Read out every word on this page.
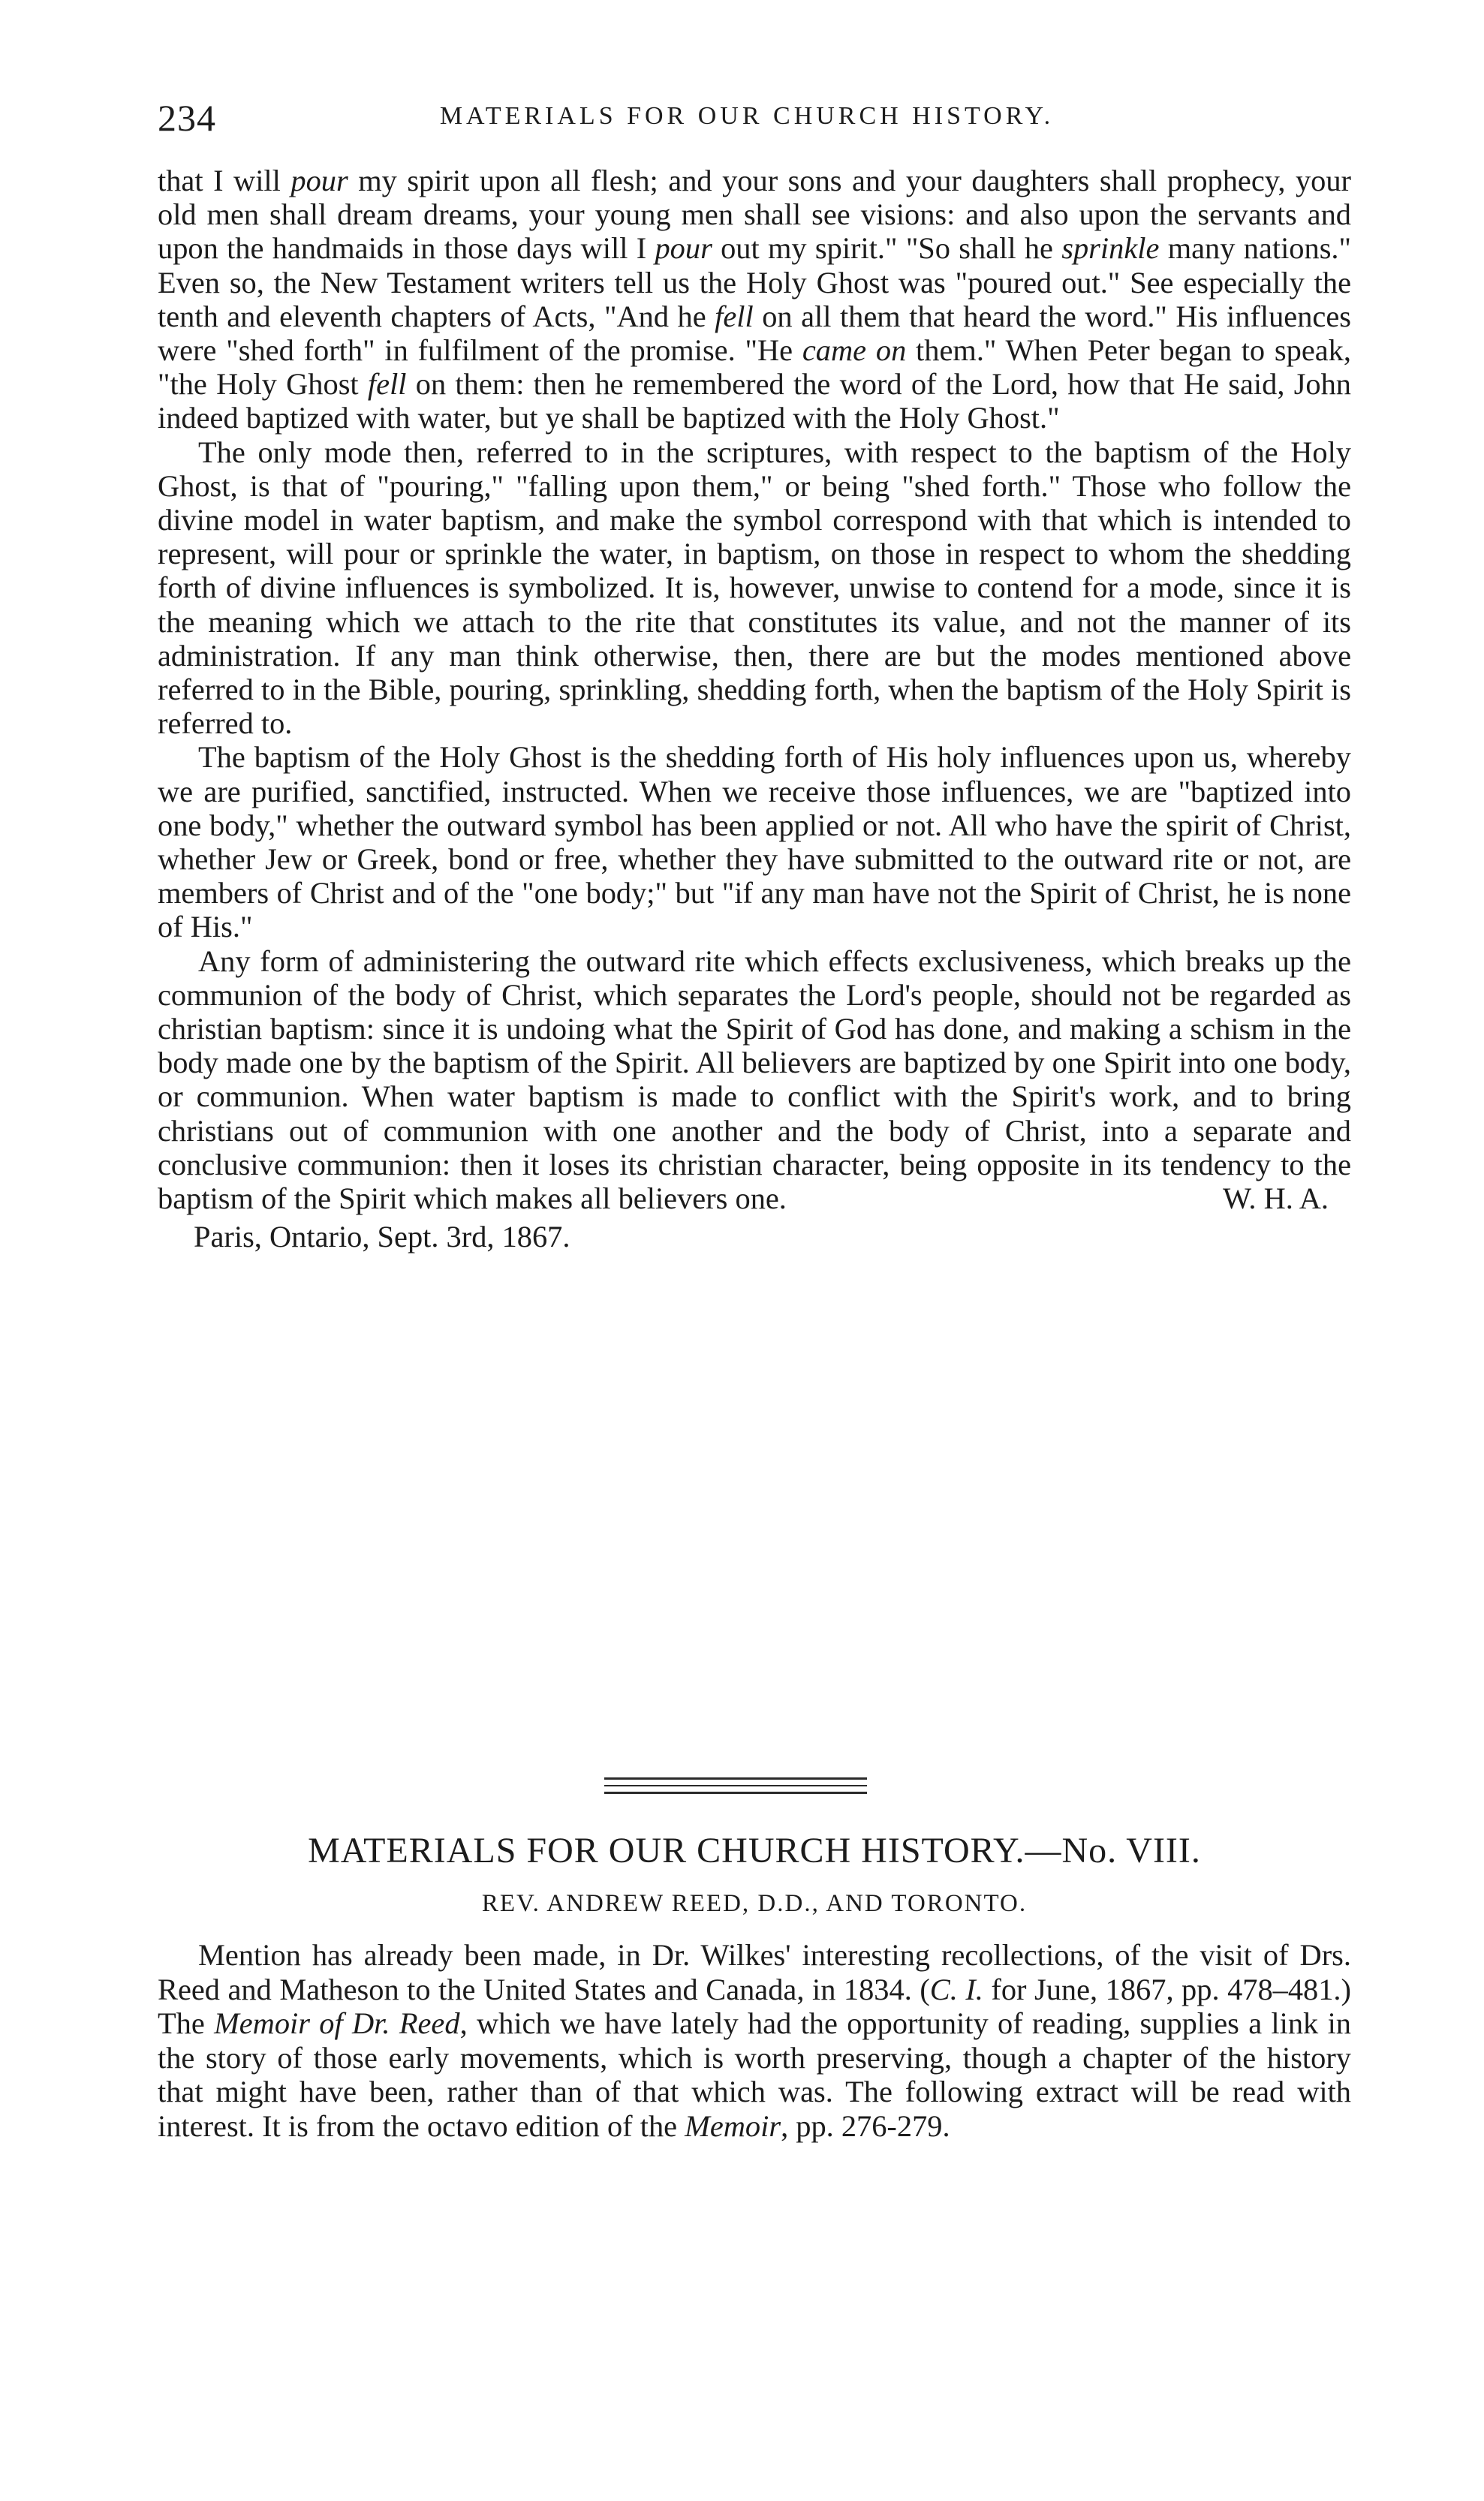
234	MATERIALS FOR OUR CHURCH HISTORY.

that I will pour my spirit upon all flesh; and your sons and your daughters shall prophecy, your old men shall dream dreams, your young men shall see visions: and also upon the servants and upon the handmaids in those days will I pour out my spirit." "So shall he sprinkle many nations." Even so, the New Testament writers tell us the Holy Ghost was "poured out." See especially the tenth and eleventh chapters of Acts, "And he fell on all them that heard the word." His influences were "shed forth" in fulfilment of the promise. "He came on them." When Peter began to speak, "the Holy Ghost fell on them: then he remembered the word of the Lord, how that He said, John indeed baptized with water, but ye shall be baptized with the Holy Ghost."

The only mode then, referred to in the scriptures, with respect to the baptism of the Holy Ghost, is that of "pouring," "falling upon them," or being "shed forth." Those who follow the divine model in water baptism, and make the symbol correspond with that which is intended to represent, will pour or sprinkle the water, in baptism, on those in respect to whom the shedding forth of divine influences is symbolized. It is, however, unwise to contend for a mode, since it is the meaning which we attach to the rite that constitutes its value, and not the manner of its administration. If any man think otherwise, then, there are but the modes mentioned above referred to in the Bible, pouring, sprinkling, shedding forth, when the baptism of the Holy Spirit is referred to.

The baptism of the Holy Ghost is the shedding forth of His holy influences upon us, whereby we are purified, sanctified, instructed. When we receive those influences, we are "baptized into one body," whether the outward symbol has been applied or not. All who have the spirit of Christ, whether Jew or Greek, bond or free, whether they have submitted to the outward rite or not, are members of Christ and of the "one body;" but "if any man have not the Spirit of Christ, he is none of His."

Any form of administering the outward rite which effects exclusiveness, which breaks up the communion of the body of Christ, which separates the Lord's people, should not be regarded as christian baptism: since it is undoing what the Spirit of God has done, and making a schism in the body made one by the baptism of the Spirit. All believers are baptized by one Spirit into one body, or communion. When water baptism is made to conflict with the Spirit's work, and to bring christians out of communion with one another and the body of Christ, into a separate and conclusive communion: then it loses its christian character, being opposite in its tendency to the baptism of the Spirit which makes all believers one.	W. H. A.

Paris, Ontario, Sept. 3rd, 1867.
MATERIALS FOR OUR CHURCH HISTORY.—No. VIII.
REV. ANDREW REED, D.D., AND TORONTO.

Mention has already been made, in Dr. Wilkes' interesting recollections, of the visit of Drs. Reed and Matheson to the United States and Canada, in 1834. (C. I. for June, 1867, pp. 478–481.) The Memoir of Dr. Reed, which we have lately had the opportunity of reading, supplies a link in the story of those early movements, which is worth preserving, though a chapter of the history that might have been, rather than of that which was. The following extract will be read with interest. It is from the octavo edition of the Memoir, pp. 276-279.
